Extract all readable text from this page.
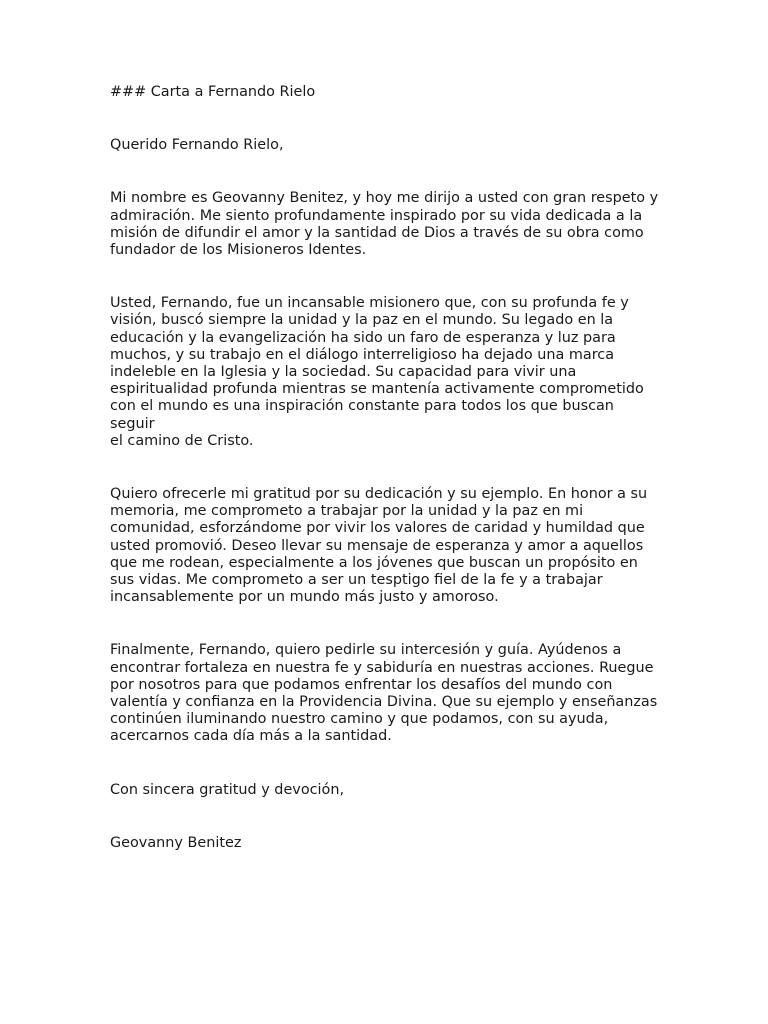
### Carta a Fernando Rielo

Querido Fernando Rielo,

Mi nombre es Geovanny Benitez, y hoy me dirijo a usted con gran respeto y
admiración. Me siento profundamente inspirado por su vida dedicada a la
misión de difundir el amor y la santidad de Dios a través de su obra como
fundador de los Misioneros Identes.

Usted, Fernando, fue un incansable misionero que, con su profunda fe y
visión, buscó siempre la unidad y la paz en el mundo. Su legado en la
educación y la evangelización ha sido un faro de esperanza y luz para
muchos, y su trabajo en el diálogo interreligioso ha dejado una marca
indeleble en la Iglesia y la sociedad. Su capacidad para vivir una
espiritualidad profunda mientras se mantenía activamente comprometido
con el mundo es una inspiración constante para todos los que buscan seguir
el camino de Cristo.

Quiero ofrecerle mi gratitud por su dedicación y su ejemplo. En honor a su
memoria, me comprometo a trabajar por la unidad y la paz en mi
comunidad, esforzándome por vivir los valores de caridad y humildad que
usted promovió. Deseo llevar su mensaje de esperanza y amor a aquellos
que me rodean, especialmente a los jóvenes que buscan un propósito en
sus vidas. Me comprometo a ser un tesptigo fiel de la fe y a trabajar
incansablemente por un mundo más justo y amoroso.

Finalmente, Fernando, quiero pedirle su intercesión y guía. Ayúdenos a
encontrar fortaleza en nuestra fe y sabiduría en nuestras acciones. Ruegue
por nosotros para que podamos enfrentar los desafíos del mundo con
valentía y confianza en la Providencia Divina. Que su ejemplo y enseñanzas
continúen iluminando nuestro camino y que podamos, con su ayuda,
acercarnos cada día más a la santidad.

Con sincera gratitud y devoción,

Geovanny Benitez
